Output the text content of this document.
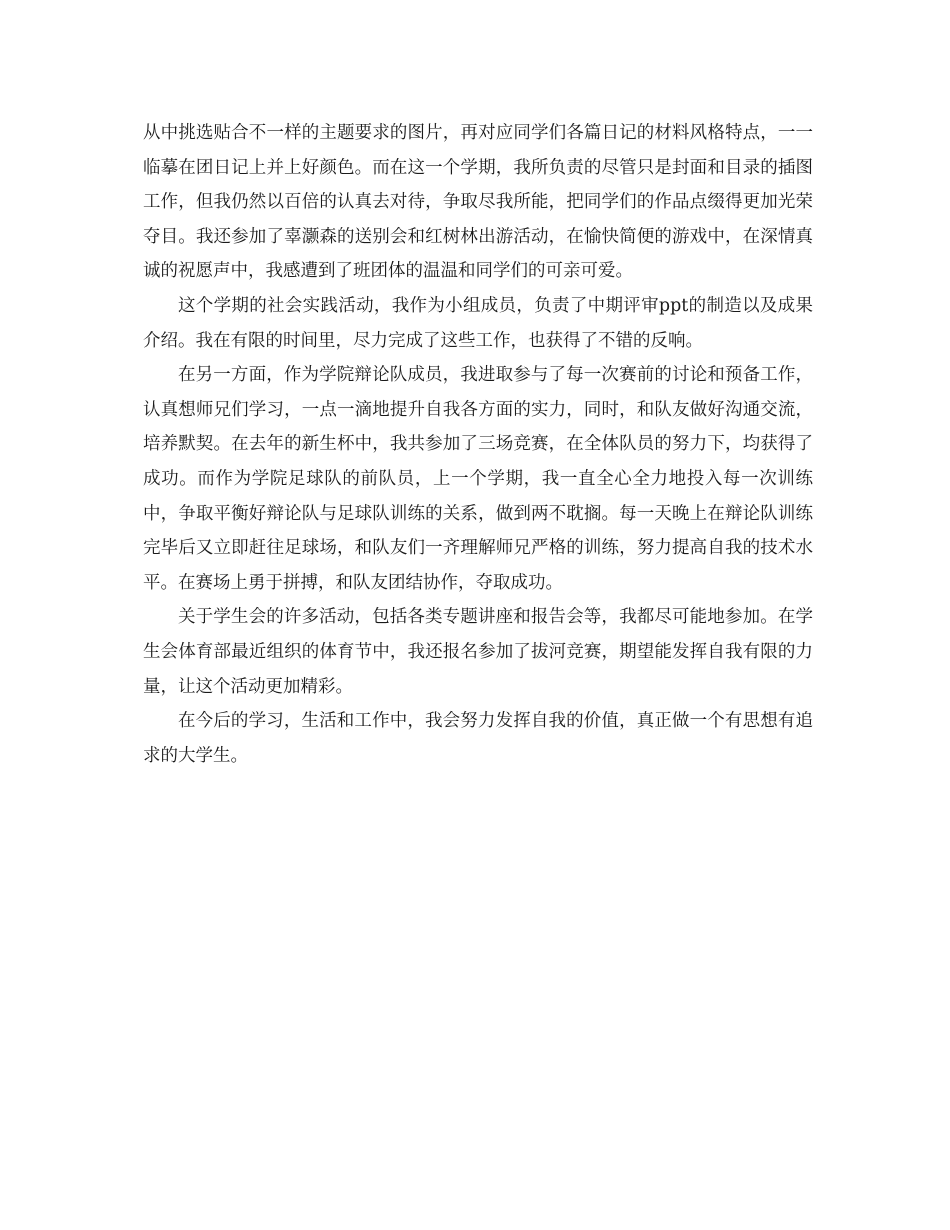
从中挑选贴合不一样的主题要求的图片，再对应同学们各篇日记的材料风格特点，一一临摹在团日记上并上好颜色。而在这一个学期，我所负责的尽管只是封面和目录的插图工作，但我仍然以百倍的认真去对待，争取尽我所能，把同学们的作品点缀得更加光荣夺目。我还参加了辜灏森的送别会和红树林出游活动，在愉快简便的游戏中，在深情真诚的祝愿声中，我感遭到了班团体的温温和同学们的可亲可爱。

这个学期的社会实践活动，我作为小组成员，负责了中期评审ppt的制造以及成果介绍。我在有限的时间里，尽力完成了这些工作，也获得了不错的反响。

在另一方面，作为学院辩论队成员，我进取参与了每一次赛前的讨论和预备工作，认真想师兄们学习，一点一滴地提升自我各方面的实力，同时，和队友做好沟通交流，培养默契。在去年的新生杯中，我共参加了三场竞赛，在全体队员的努力下，均获得了成功。而作为学院足球队的前队员，上一个学期，我一直全心全力地投入每一次训练中，争取平衡好辩论队与足球队训练的关系，做到两不耽搁。每一天晚上在辩论队训练完毕后又立即赶往足球场，和队友们一齐理解师兄严格的训练，努力提高自我的技术水平。在赛场上勇于拼搏，和队友团结协作，夺取成功。

关于学生会的许多活动，包括各类专题讲座和报告会等，我都尽可能地参加。在学生会体育部最近组织的体育节中，我还报名参加了拔河竞赛，期望能发挥自我有限的力量，让这个活动更加精彩。

在今后的学习，生活和工作中，我会努力发挥自我的价值，真正做一个有思想有追求的大学生。
